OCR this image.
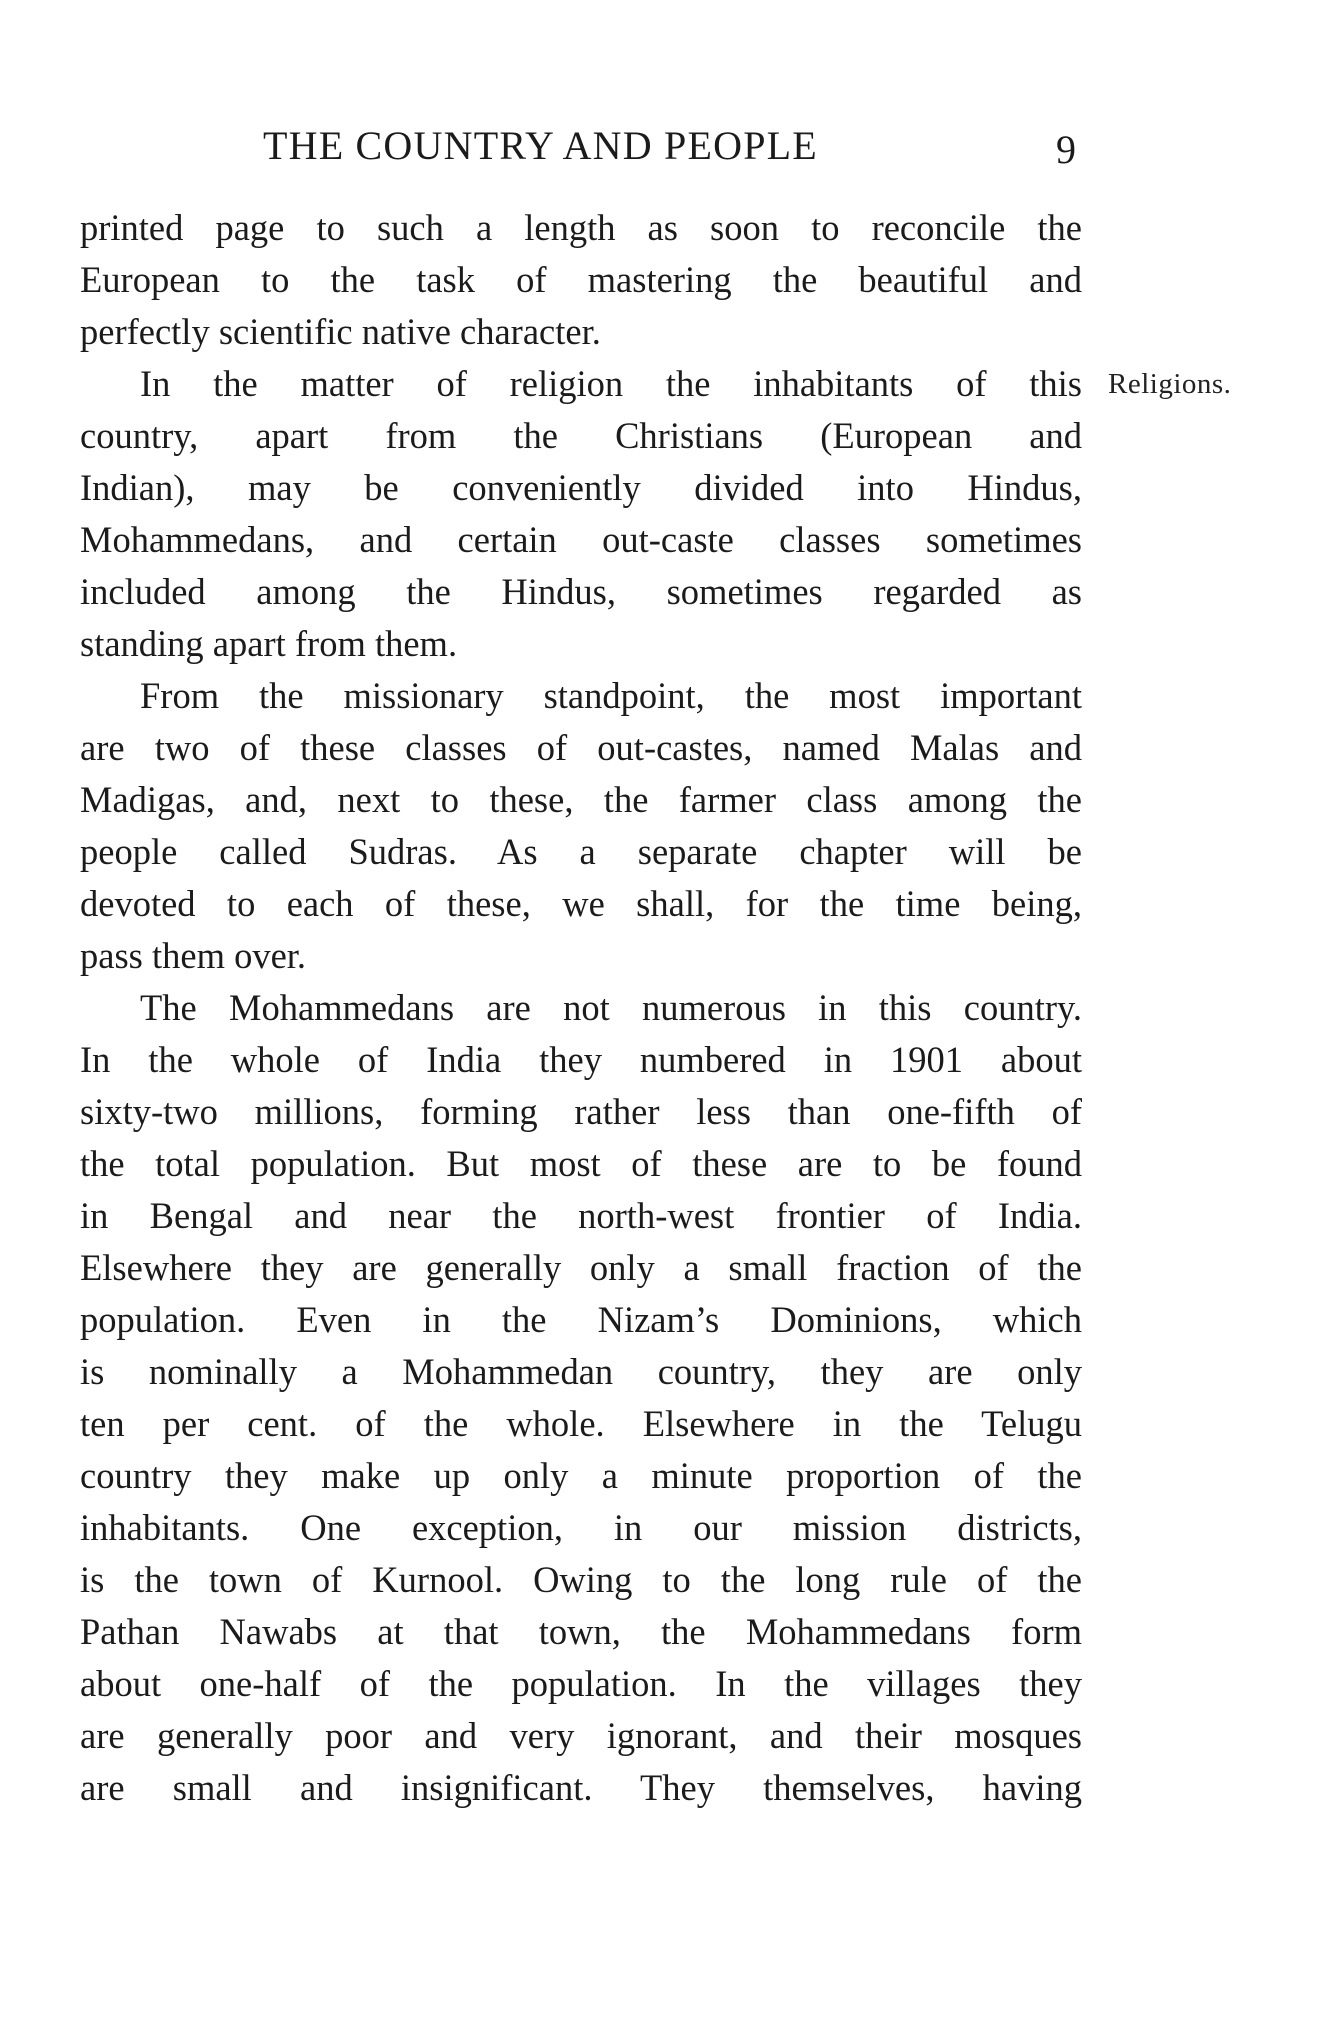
THE COUNTRY AND PEOPLE	9
Religions.
printed page to such a length as soon to reconcile the
European to the task of mastering the beautiful and
perfectly scientific native character.
In the matter of religion the inhabitants of this
country, apart from the Christians (European and
Indian), may be conveniently divided into Hindus,
Mohammedans, and certain out-caste classes sometimes
included among the Hindus, sometimes regarded as
standing apart from them.
From the missionary standpoint, the most important
are two of these classes of out-castes, named Malas and
Madigas, and, next to these, the farmer class among the
people called Sudras. As a separate chapter will be
devoted to each of these, we shall, for the time being,
pass them over.
The Mohammedans are not numerous in this country.
In the whole of India they numbered in 1901 about
sixty-two millions, forming rather less than one-fifth of
the total population. But most of these are to be found
in Bengal and near the north-west frontier of India.
Elsewhere they are generally only a small fraction of the
population. Even in the Nizam’s Dominions, which
is nominally a Mohammedan country, they are only
ten per cent. of the whole. Elsewhere in the Telugu
country they make up only a minute proportion of the
inhabitants. One exception, in our mission districts,
is the town of Kurnool. Owing to the long rule of the
Pathan Nawabs at that town, the Mohammedans form
about one-half of the population. In the villages they
are generally poor and very ignorant, and their mosques
are small and insignificant. They themselves, having
